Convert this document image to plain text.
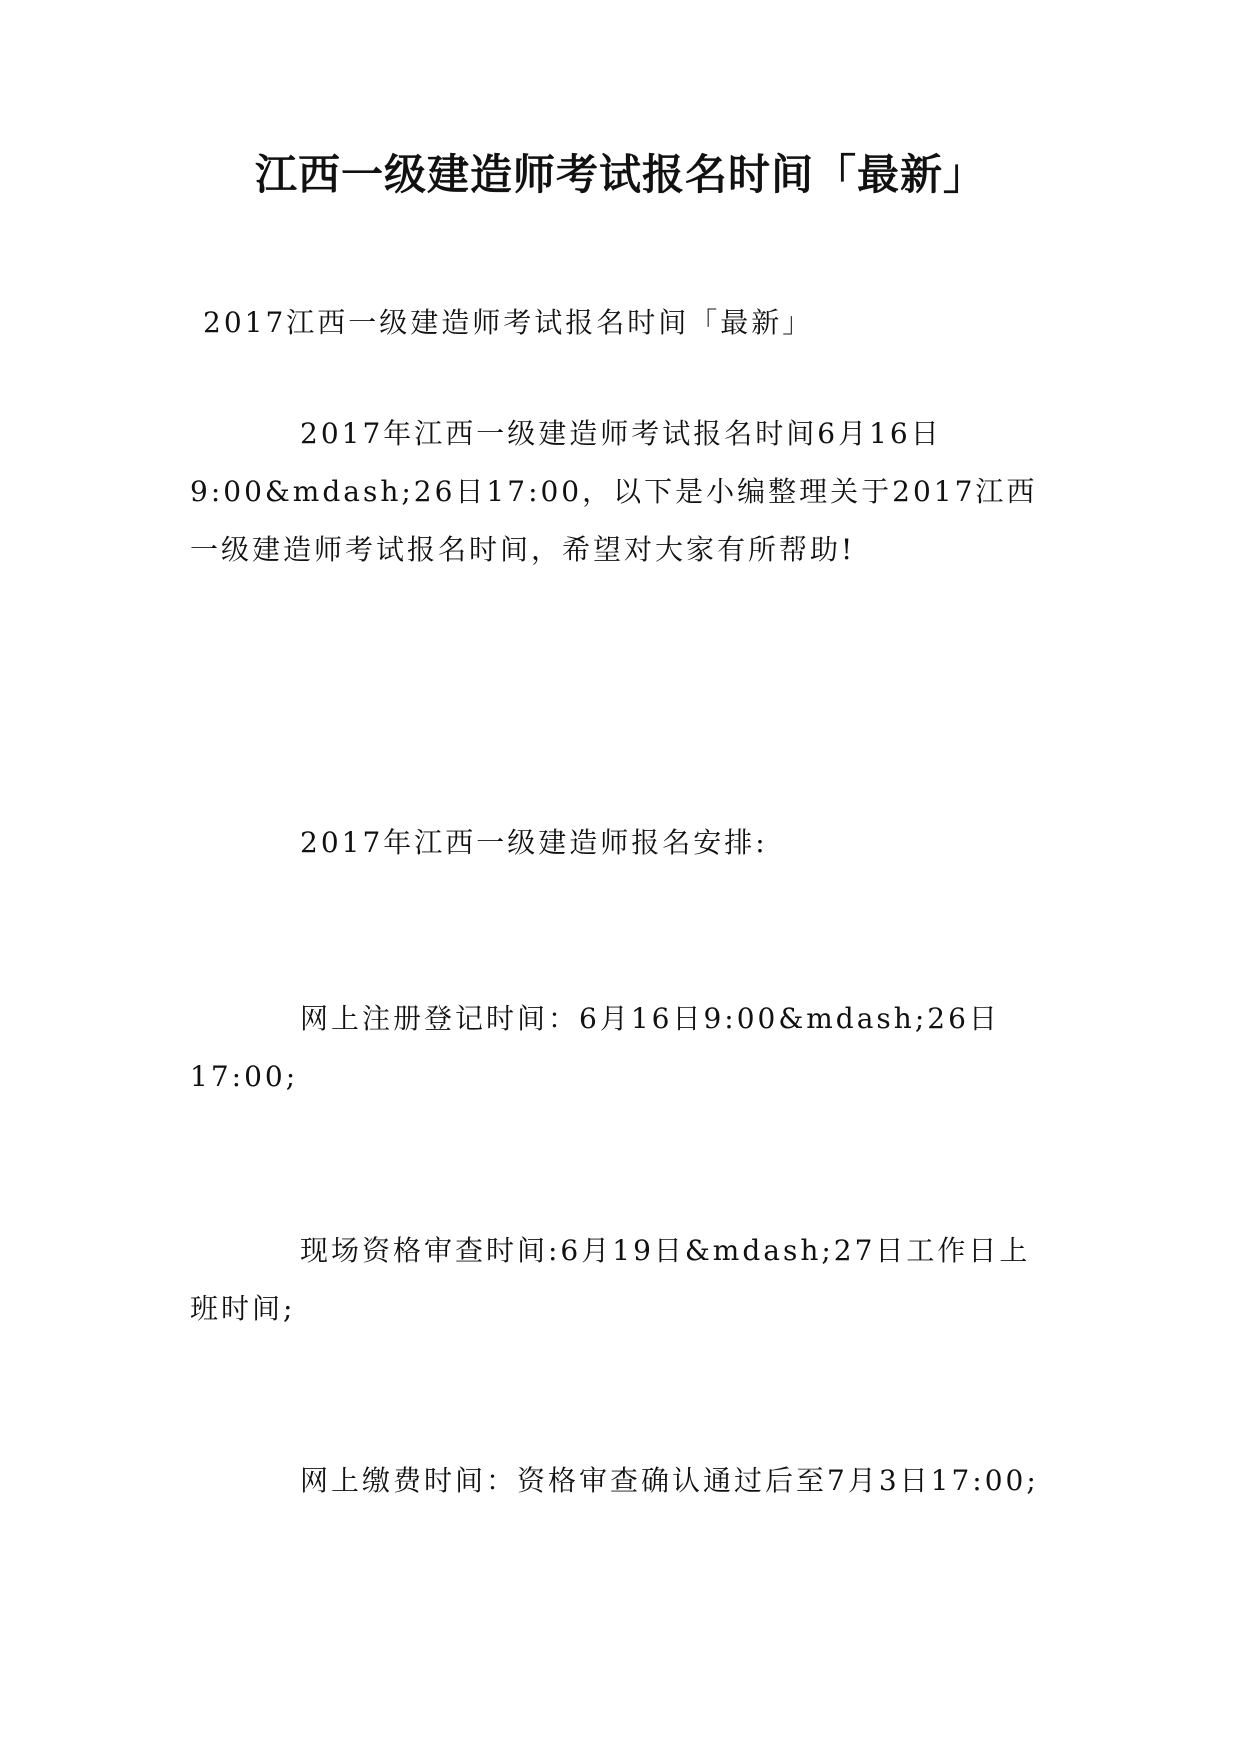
江西一级建造师考试报名时间「最新」
2017江西一级建造师考试报名时间「最新」
2017年江西一级建造师考试报名时间6月16日9:00&mdash;26日17:00，以下是小编整理关于2017江西一级建造师考试报名时间，希望对大家有所帮助!
2017年江西一级建造师报名安排:
网上注册登记时间：6月16日9:00&mdash;26日17:00;
现场资格审查时间:6月19日&mdash;27日工作日上班时间;
网上缴费时间：资格审查确认通过后至7月3日17:00;
